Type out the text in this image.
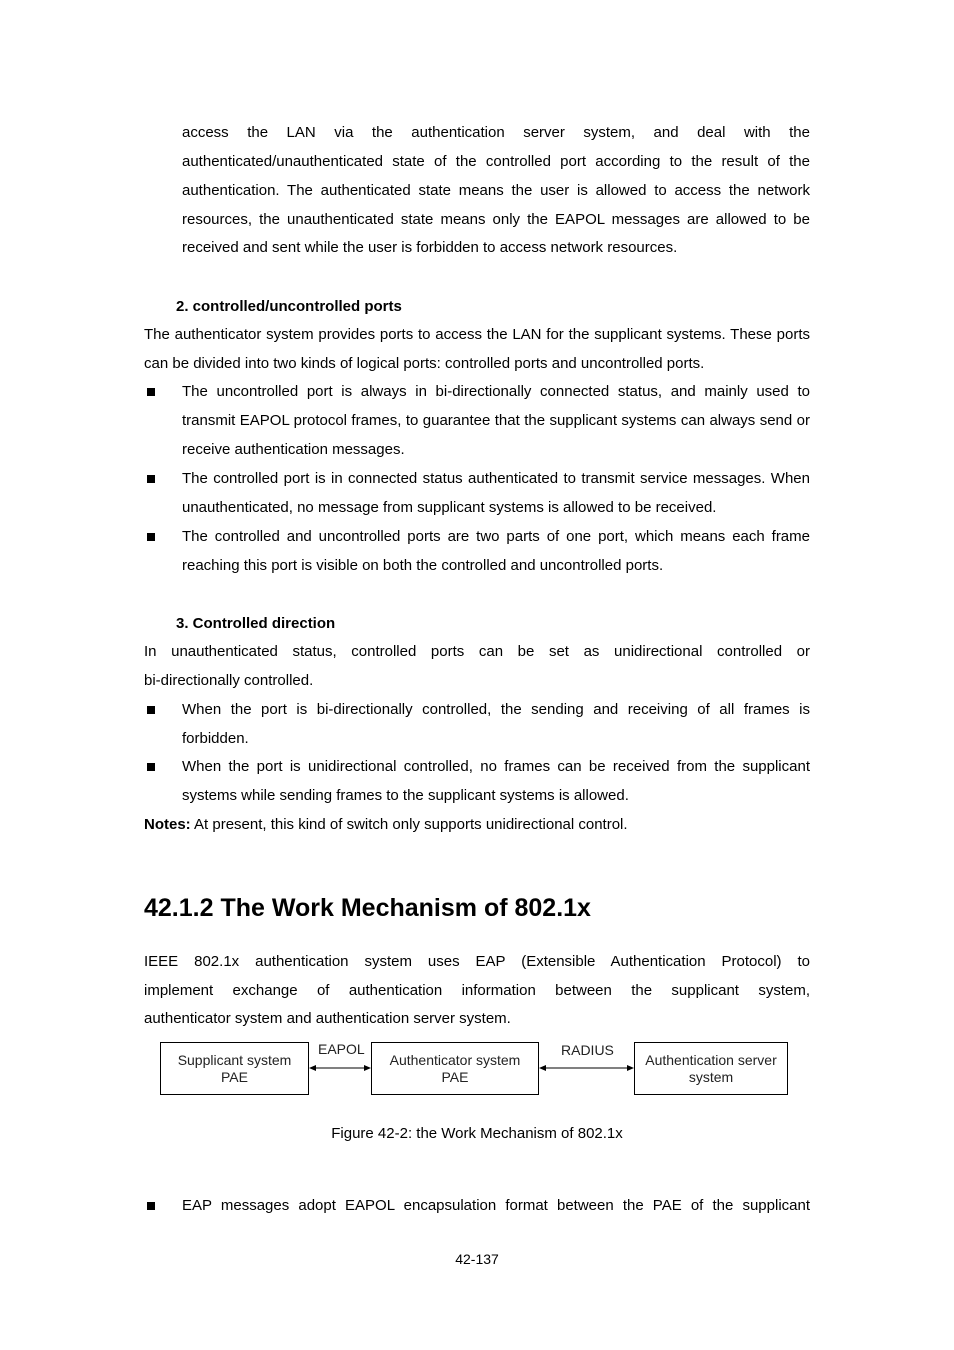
access the LAN via the authentication server system, and deal with the

authenticated/unauthenticated state of the controlled port according to the result of the authentication. The authenticated state means the user is allowed to access the network resources, the unauthenticated state means only the EAPOL messages are allowed to be received and sent while the user is forbidden to access network resources.

2. controlled/uncontrolled ports

The authenticator system provides ports to access the LAN for the supplicant systems. These ports can be divided into two kinds of logical ports: controlled ports and uncontrolled ports.

The uncontrolled port is always in bi-directionally connected status, and mainly used to transmit EAPOL protocol frames, to guarantee that the supplicant systems can always send or receive authentication messages.
The controlled port is in connected status authenticated to transmit service messages. When unauthenticated, no message from supplicant systems is allowed to be received.
The controlled and uncontrolled ports are two parts of one port, which means each frame reaching this port is visible on both the controlled and uncontrolled ports.
3. Controlled direction

In unauthenticated status, controlled ports can be set as unidirectional controlled or

bi-directionally controlled.

When the port is bi-directionally controlled, the sending and receiving of all frames is forbidden.
When the port is unidirectional controlled, no frames can be received from the supplicant systems while sending frames to the supplicant systems is allowed.

Notes: At present, this kind of switch only supports unidirectional control.

42.1.2 The Work Mechanism of 802.1x

IEEE 802.1x authentication system uses EAP (Extensible Authentication Protocol) to

implement exchange of authentication information between the supplicant system,

authenticator system and authentication server system.

Supplicant system
PAE
Authenticator system
PAE
Authentication server
system
EAPOL	RADIUS
Figure 42-2: the Work Mechanism of 802.1x
EAP messages adopt EAPOL encapsulation format between the PAE of the supplicant
42-137
